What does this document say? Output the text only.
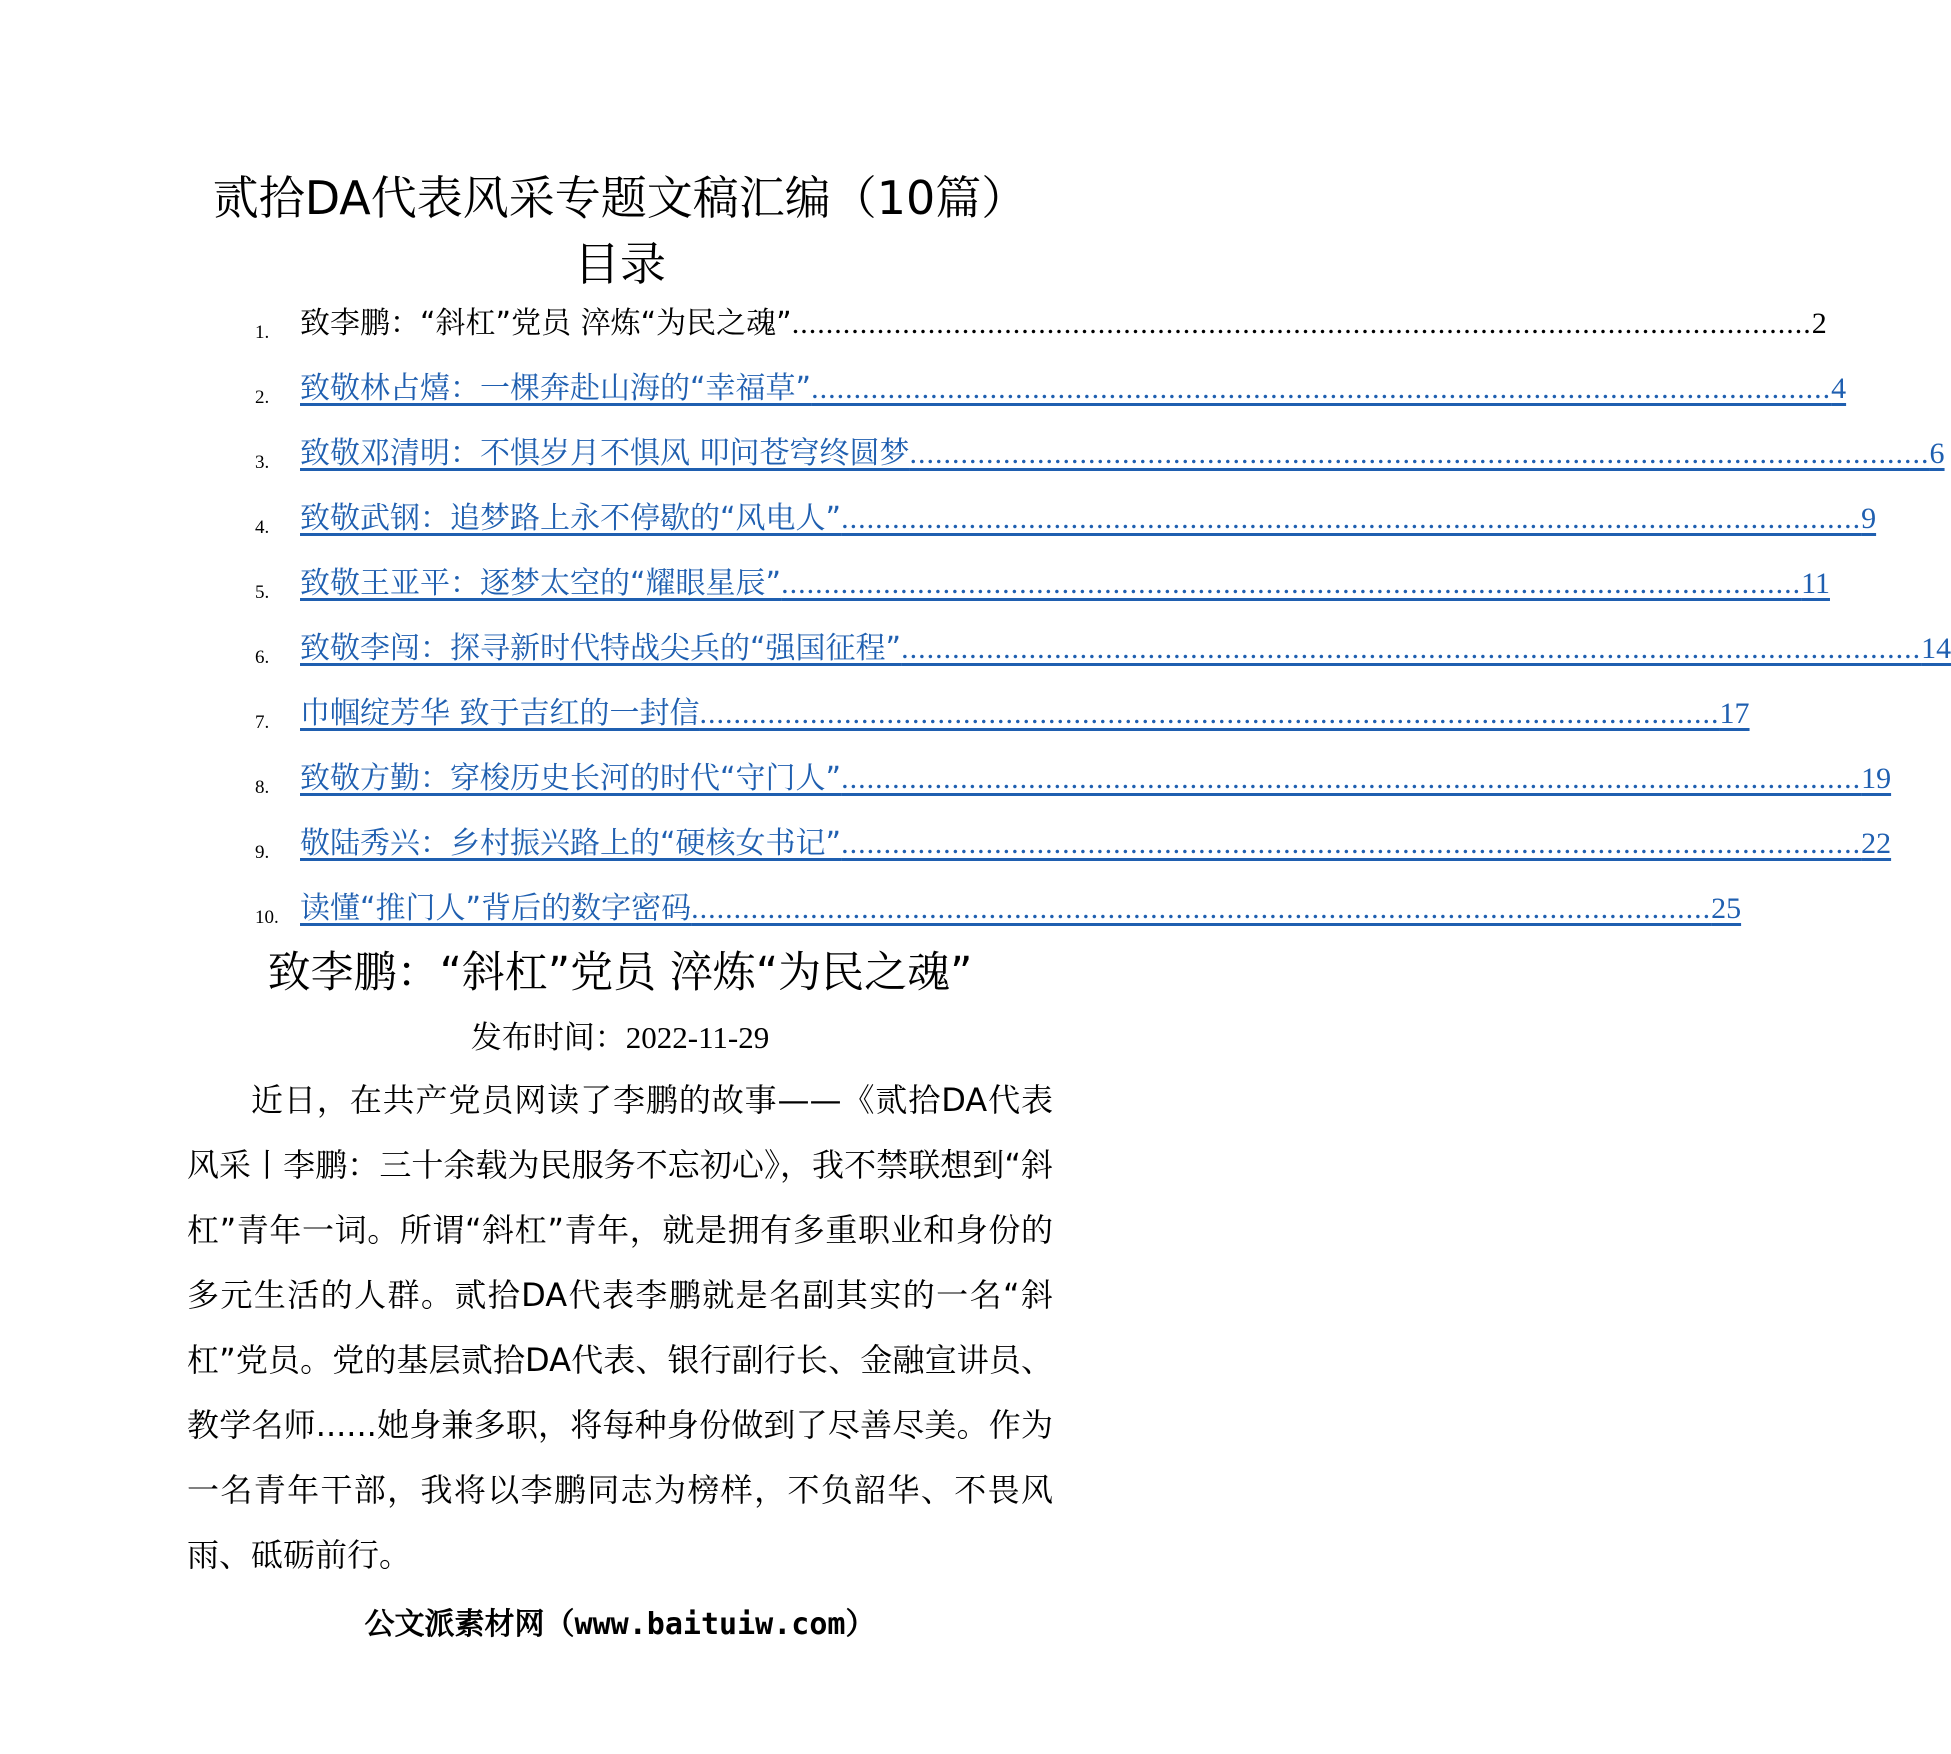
贰拾DA代表风采专题文稿汇编（10篇）
目录
1.	致李鹏：“斜杠”党员 淬炼“为民之魂” ........................................................................................................................ 2
2.	致敬林占熺：一棵奔赴山海的“幸福草” ........................................................................................................................ 4
3.	致敬邓清明：不惧岁月不惧风 叩问苍穹终圆梦 ........................................................................................................................ 6
4.	致敬武钢：追梦路上永不停歇的“风电人” ........................................................................................................................ 9
5.	致敬王亚平：逐梦太空的“耀眼星辰” ........................................................................................................................ 11
6.	致敬李闯：探寻新时代特战尖兵的“强国征程” ........................................................................................................................ 14
7.	巾帼绽芳华 致于吉红的一封信 ........................................................................................................................ 17
8.	致敬方勤：穿梭历史长河的时代“守门人” ........................................................................................................................ 19
9.	敬陆秀兴：乡村振兴路上的“硬核女书记” ........................................................................................................................ 22
10. 读懂“推门人”背后的数字密码 ........................................................................................................................ 25
致李鹏：“斜杠”党员 淬炼“为民之魂”
发布时间：2022-11-29

近日，在共产党员网读了李鹏的故事——《贰拾DA代表风采丨李鹏：三十余载为民服务不忘初心》，我不禁联想到“斜杠”青年一词。所谓“斜杠”青年，就是拥有多重职业和身份的多元生活的人群。贰拾DA代表李鹏就是名副其实的一名“斜杠”党员。党的基层贰拾DA代表、银行副行长、金融宣讲员、教学名师......她身兼多职，将每种身份做到了尽善尽美。作为一名青年干部，我将以李鹏同志为榜样，不负韶华、不畏风雨、砥砺前行。

公文派素材网（www.baituiw.com）
